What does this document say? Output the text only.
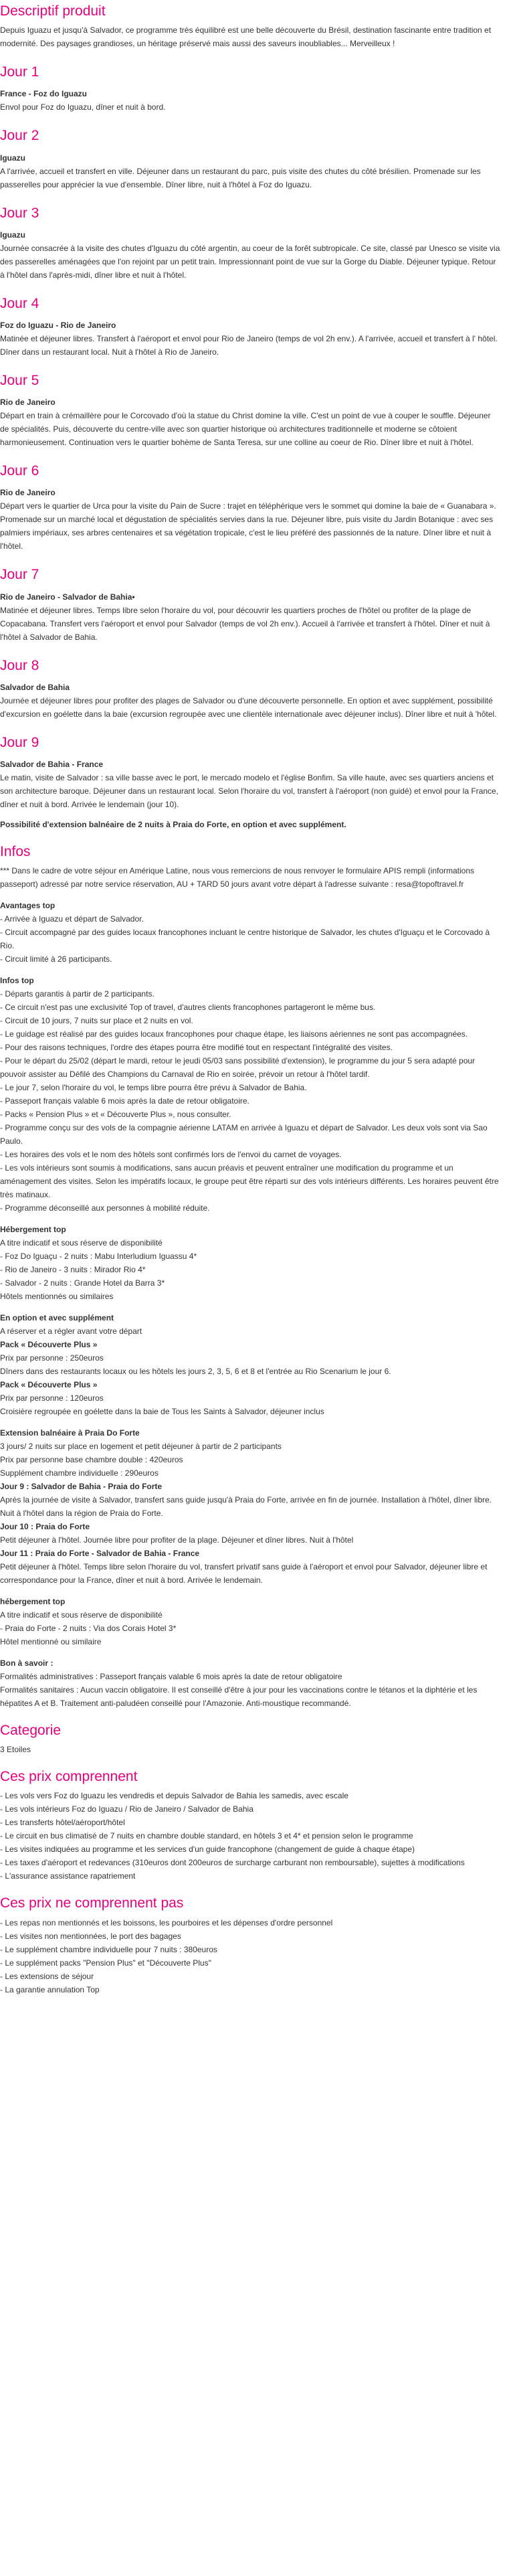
Descriptif produit

Depuis Iguazu et jusqu'à Salvador, ce programme très équilibré est une belle découverte du Brésil, destination fascinante entre tradition et modernité. Des paysages grandioses, un héritage préservé mais aussi des saveurs inoubliables... Merveilleux !

Jour 1

France - Foz do Iguazu

Envol pour Foz do Iguazu, dîner et nuit à bord.

Jour 2

Iguazu

A l'arrivée, accueil et transfert en ville. Déjeuner dans un restaurant du parc, puis visite des chutes du côté brésilien. Promenade sur les passerelles pour apprécier la vue d'ensemble. Dîner libre, nuit à l'hôtel à Foz do Iguazu.

Jour 3

Iguazu

Journée consacrée à la visite des chutes d'Iguazu du côté argentin, au coeur de la forêt subtropicale. Ce site, classé par Unesco se visite via des passerelles aménagées que l'on rejoint par un petit train. Impressionnant point de vue sur la Gorge du Diable. Déjeuner typique. Retour à l'hôtel dans l'après-midi, dîner libre et nuit à l'hôtel.

Jour 4

Foz do Iguazu - Rio de Janeiro

Matinée et déjeuner libres. Transfert à l'aéroport et envol pour Rio de Janeiro (temps de vol 2h env.). A l'arrivée, accueil et transfert à l' hôtel. Dîner dans un restaurant local. Nuit à l'hôtel à Rio de Janeiro.

Jour 5

Rio de Janeiro

Départ en train à crémaillère pour le Corcovado d'où la statue du Christ domine la ville. C'est un point de vue à couper le souffle. Déjeuner de spécialités. Puis, découverte du centre-ville avec son quartier historique où architectures traditionnelle et moderne se côtoient harmonieusement. Continuation vers le quartier bohème de Santa Teresa, sur une colline au coeur de Rio. Dîner libre et nuit à l'hôtel.

Jour 6

Rio de Janeiro

Départ vers le quartier de Urca pour la visite du Pain de Sucre : trajet en téléphérique vers le sommet qui domine la baie de « Guanabara ». Promenade sur un marché local et dégustation de spécialités servies dans la rue. Déjeuner libre, puis visite du Jardin Botanique : avec ses palmiers impériaux, ses arbres centenaires et sa végétation tropicale, c'est le lieu préféré des passionnés de la nature. Dîner libre et nuit à l'hôtel.

Jour 7

Rio de Janeiro - Salvador de Bahia•

Matinée et déjeuner libres. Temps libre selon l'horaire du vol, pour découvrir les quartiers proches de l'hôtel ou profiter de la plage de Copacabana. Transfert vers l'aéroport et envol pour Salvador (temps de vol 2h env.). Accueil à l'arrivée et transfert à l'hôtel. Dîner et nuit à l'hôtel à Salvador de Bahia.

Jour 8

Salvador de Bahia

Journée et déjeuner libres pour profiter des plages de Salvador ou d'une découverte personnelle. En option et avec supplément, possibilité d'excursion en goélette dans la baie (excursion regroupée avec une clientèle internationale avec déjeuner inclus). Dîner libre et nuit à 'hôtel.

Jour 9

Salvador de Bahia - France

Le matin, visite de Salvador : sa ville basse avec le port, le mercado modelo et l'église Bonfim. Sa ville haute, avec ses quartiers anciens et son architecture baroque. Déjeuner dans un restaurant local. Selon l'horaire du vol, transfert à l'aéroport (non guidé) et envol pour la France, dîner et nuit à bord. Arrivée le lendemain (jour 10).

Possibilité d'extension balnéaire de 2 nuits à Praia do Forte, en option et avec supplément.

Infos

*** Dans le cadre de votre séjour en Amérique Latine, nous vous remercions de nous renvoyer le formulaire APIS rempli (informations passeport) adressé par notre service réservation, AU + TARD 50 jours avant votre départ à l'adresse suivante : resa@topoftravel.fr

Avantages top

- Arrivée à Iguazu et départ de Salvador.

- Circuit accompagné par des guides locaux francophones incluant le centre historique de Salvador, les chutes d'Iguaçu et le Corcovado à Rio.

- Circuit limité à 26 participants.

Infos top

- Départs garantis à partir de 2 participants.

- Ce circuit n'est pas une exclusivité Top of travel, d'autres clients francophones partageront le même bus.

- Circuit de 10 jours, 7 nuits sur place et 2 nuits en vol.

- Le guidage est réalisé par des guides locaux francophones pour chaque étape, les liaisons aériennes ne sont pas accompagnées.

- Pour des raisons techniques, l'ordre des étapes pourra être modifié tout en respectant l'intégralité des visites.

- Pour le départ du 25/02 (départ le mardi, retour le jeudi 05/03 sans possibilité d'extension), le programme du jour 5 sera adapté pour pouvoir assister au Défilé des Champions du Carnaval de Rio en soirée, prévoir un retour à l'hôtel tardif.

- Le jour 7, selon l'horaire du vol, le temps libre pourra être prévu à Salvador de Bahia.

- Passeport français valable 6 mois après la date de retour obligatoire.

- Packs « Pension Plus » et « Découverte Plus », nous consulter.

- Programme conçu sur des vols de la compagnie aérienne LATAM en arrivée à Iguazu et départ de Salvador. Les deux vols sont via Sao Paulo.

- Les horaires des vols et le nom des hôtels sont confirmés lors de l'envoi du carnet de voyages.

- Les vols intérieurs sont soumis à modifications, sans aucun préavis et peuvent entraîner une modification du programme et un aménagement des visites. Selon les impératifs locaux, le groupe peut être réparti sur des vols intérieurs différents. Les horaires peuvent être très matinaux.

- Programme déconseillé aux personnes à mobilité réduite.

Hébergement top

A titre indicatif et sous réserve de disponibilité

- Foz Do Iguaçu - 2 nuits : Mabu Interludium Iguassu 4*

- Rio de Janeiro - 3 nuits : Mirador Rio 4*

- Salvador - 2 nuits : Grande Hotel da Barra 3*

Hôtels mentionnés ou similaires

En option et avec supplément

A réserver et a régler avant votre départ

Pack « Découverte Plus »

Prix par personne : 250euros

Dîners dans des restaurants locaux ou les hôtels les jours 2, 3, 5, 6 et 8 et l'entrée au Rio Scenarium le jour 6.

Pack « Découverte Plus »

Prix par personne : 120euros

Croisière regroupée en goélette dans la baie de Tous les Saints à Salvador, déjeuner inclus

Extension balnéaire à Praia Do Forte

3 jours/ 2 nuits sur place en logement et petit déjeuner à partir de 2 participants

Prix par personne base chambre double : 420euros

Supplément chambre individuelle : 290euros

Jour 9 : Salvador de Bahia - Praia do Forte

Après la journée de visite à Salvador, transfert sans guide jusqu'à Praia do Forte, arrivée en fin de journée. Installation à l'hôtel, dîner libre. Nuit à l'hôtel dans la région de Praia do Forte.

Jour 10 : Praia do Forte

Petit déjeuner à l'hôtel. Journée libre pour profiter de la plage. Déjeuner et dîner libres. Nuit à l'hôtel

Jour 11 : Praia do Forte - Salvador de Bahia - France

Petit déjeuner à l'hôtel. Temps libre selon l'horaire du vol, transfert privatif sans guide à l'aéroport et envol pour Salvador, déjeuner libre et correspondance pour la France, dîner et nuit à bord. Arrivée le lendemain.

hébergement top

A titre indicatif et sous réserve de disponibilité

- Praia do Forte - 2 nuits : Via dos Corais Hotel 3*

Hôtel mentionné ou similaire

Bon à savoir :

Formalités administratives : Passeport français valable 6 mois après la date de retour obligatoire

Formalités sanitaires : Aucun vaccin obligatoire. Il est conseillé d'être à jour pour les vaccinations contre le tétanos et la diphtérie et les hépatites A et B. Traitement anti-paludéen conseillé pour l'Amazonie. Anti-moustique recommandé.

Categorie

3 Etoiles

Ces prix comprennent

- Les vols vers Foz do Iguazu les vendredis et depuis Salvador de Bahia les samedis, avec escale

- Les vols intérieurs Foz do Iguazu / Rio de Janeiro / Salvador de Bahia

- Les transferts hôtel/aéroport/hôtel

- Le circuit en bus climatisé de 7 nuits en chambre double standard, en hôtels 3 et 4* et pension selon le programme

- Les visites indiquées au programme et les services d'un guide francophone (changement de guide à chaque étape)

- Les taxes d'aéroport et redevances (310euros dont 200euros de surcharge carburant non remboursable), sujettes à modifications

- L'assurance assistance rapatriement

Ces prix ne comprennent pas

- Les repas non mentionnés et les boissons, les pourboires et les dépenses d'ordre personnel

- Les visites non mentionnées, le port des bagages

- Le supplément chambre individuelle pour 7 nuits : 380euros

- Le supplément packs "Pension Plus" et "Découverte Plus"

- Les extensions de séjour

- La garantie annulation Top
